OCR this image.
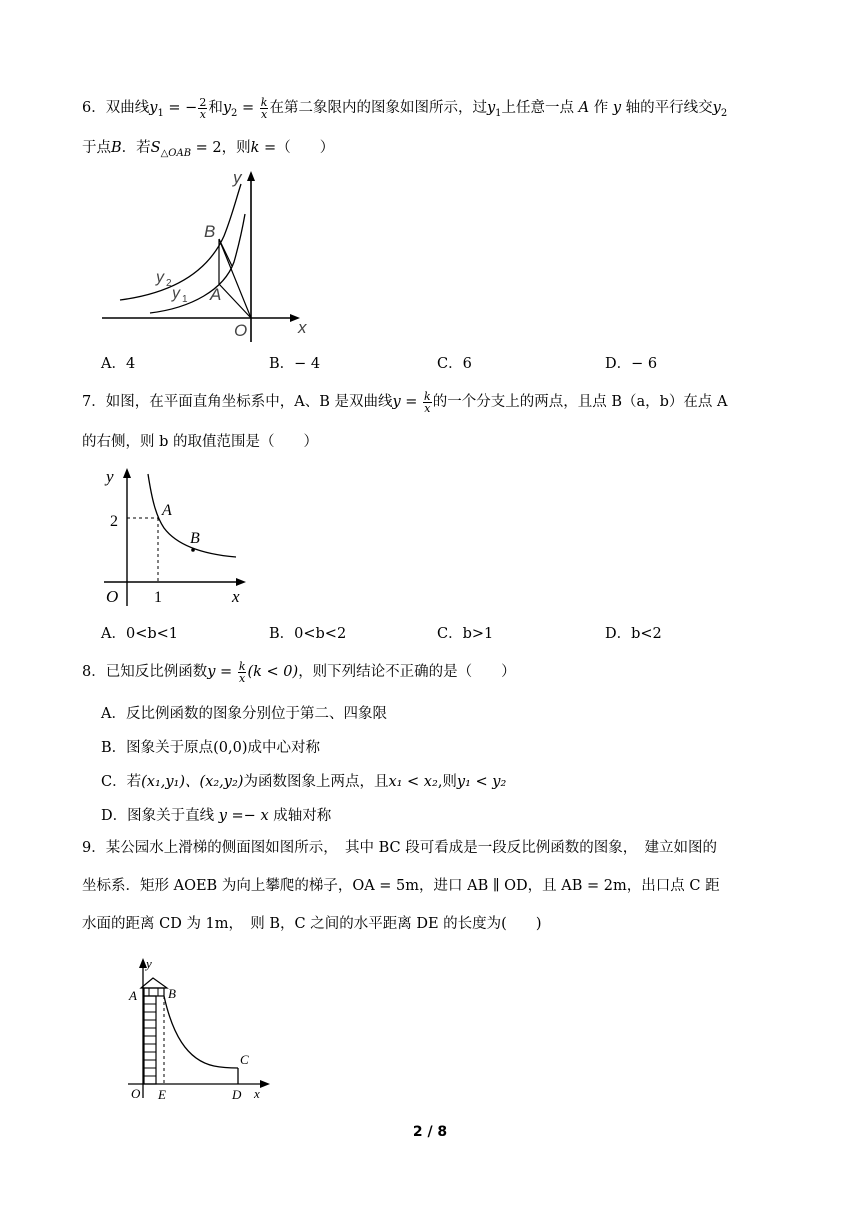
6．双曲线$y_1$ = − $\frac{2}{x}$ 和$y_2 = \frac{k}{x}$ 在第二象限内的图象如图所示，过$y_1$上任意一点 A 作 y 轴的平行线交$y_2$
于点B．若$S_{\triangle OAB} = 2$，则k =（　　）
y
B
y 2
y 1 A
O	x
A．4	B．− 4	C．6	D．− 6
7．如图，在平面直角坐标系中，A、B 是双曲线$y = \frac{k}{x}$ 的一个分支上的两点，且点 B（a，b）在点 A
的右侧，则 b 的取值范围是（　　）
y
2
A
B
O 1	x
A．0<b<1	B．0<b<2	C．b>1	D．b<2
8．已知反比例函数$y = \frac{k}{x} (k < 0)$，则下列结论不正确的是（　　）
A．反比例函数的图象分别位于第二、四象限
B．图象关于原点(0,0)成中心对称
C．若(x₁,y₁)、(x₂,y₂)为函数图象上两点，且x₁ < x₂,则y₁ < y₂
D．图象关于直线 y =− x 成轴对称
9．某公园水上滑梯的侧面图如图所示，　其中 BC 段可看成是一段反比例函数的图象，　建立如图的
坐标系．矩形 AOEB 为向上攀爬的梯子，OA = 5m，进口 AB ∥ OD，且 AB = 2m，出口点 C 距
水面的距离 CD 为 1m，　则 B，C 之间的水平距离 DE 的长度为(　　)
y
A B
C
O E	D x
2 / 8
